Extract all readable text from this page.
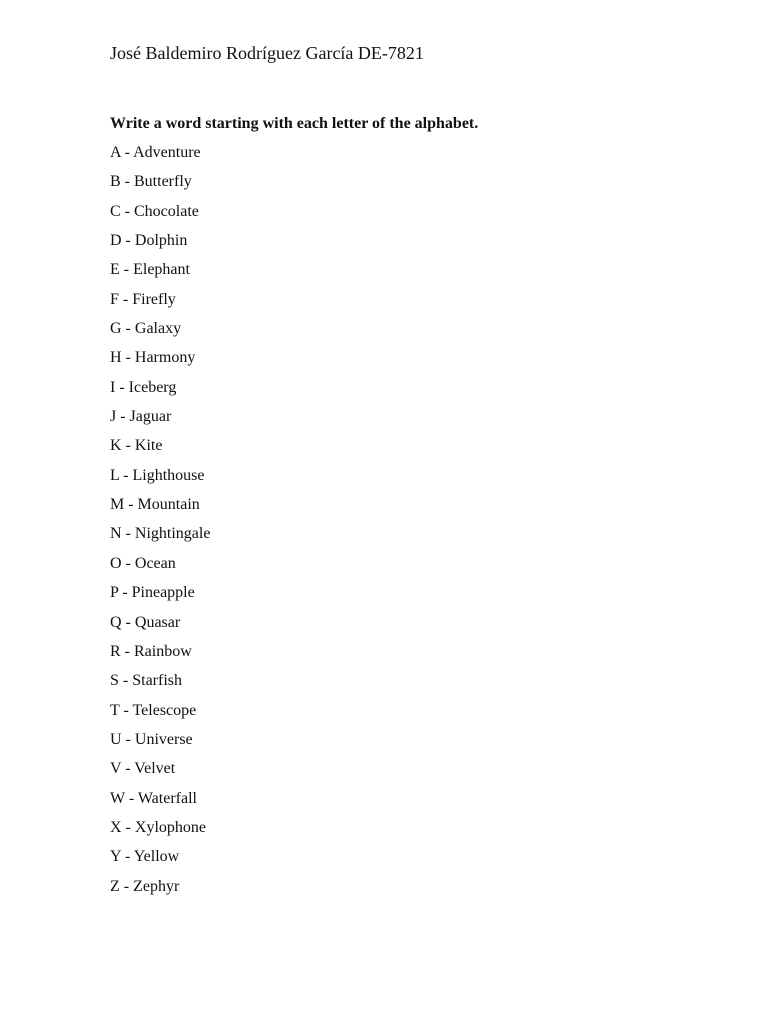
José Baldemiro Rodríguez García DE-7821
Write a word starting with each letter of the alphabet.
A - Adventure
B - Butterfly
C - Chocolate
D - Dolphin
E - Elephant
F - Firefly
G - Galaxy
H - Harmony
I - Iceberg
J - Jaguar
K - Kite
L - Lighthouse
M - Mountain
N - Nightingale
O - Ocean
P - Pineapple
Q - Quasar
R - Rainbow
S - Starfish
T - Telescope
U - Universe
V - Velvet
W - Waterfall
X - Xylophone
Y - Yellow
Z - Zephyr
